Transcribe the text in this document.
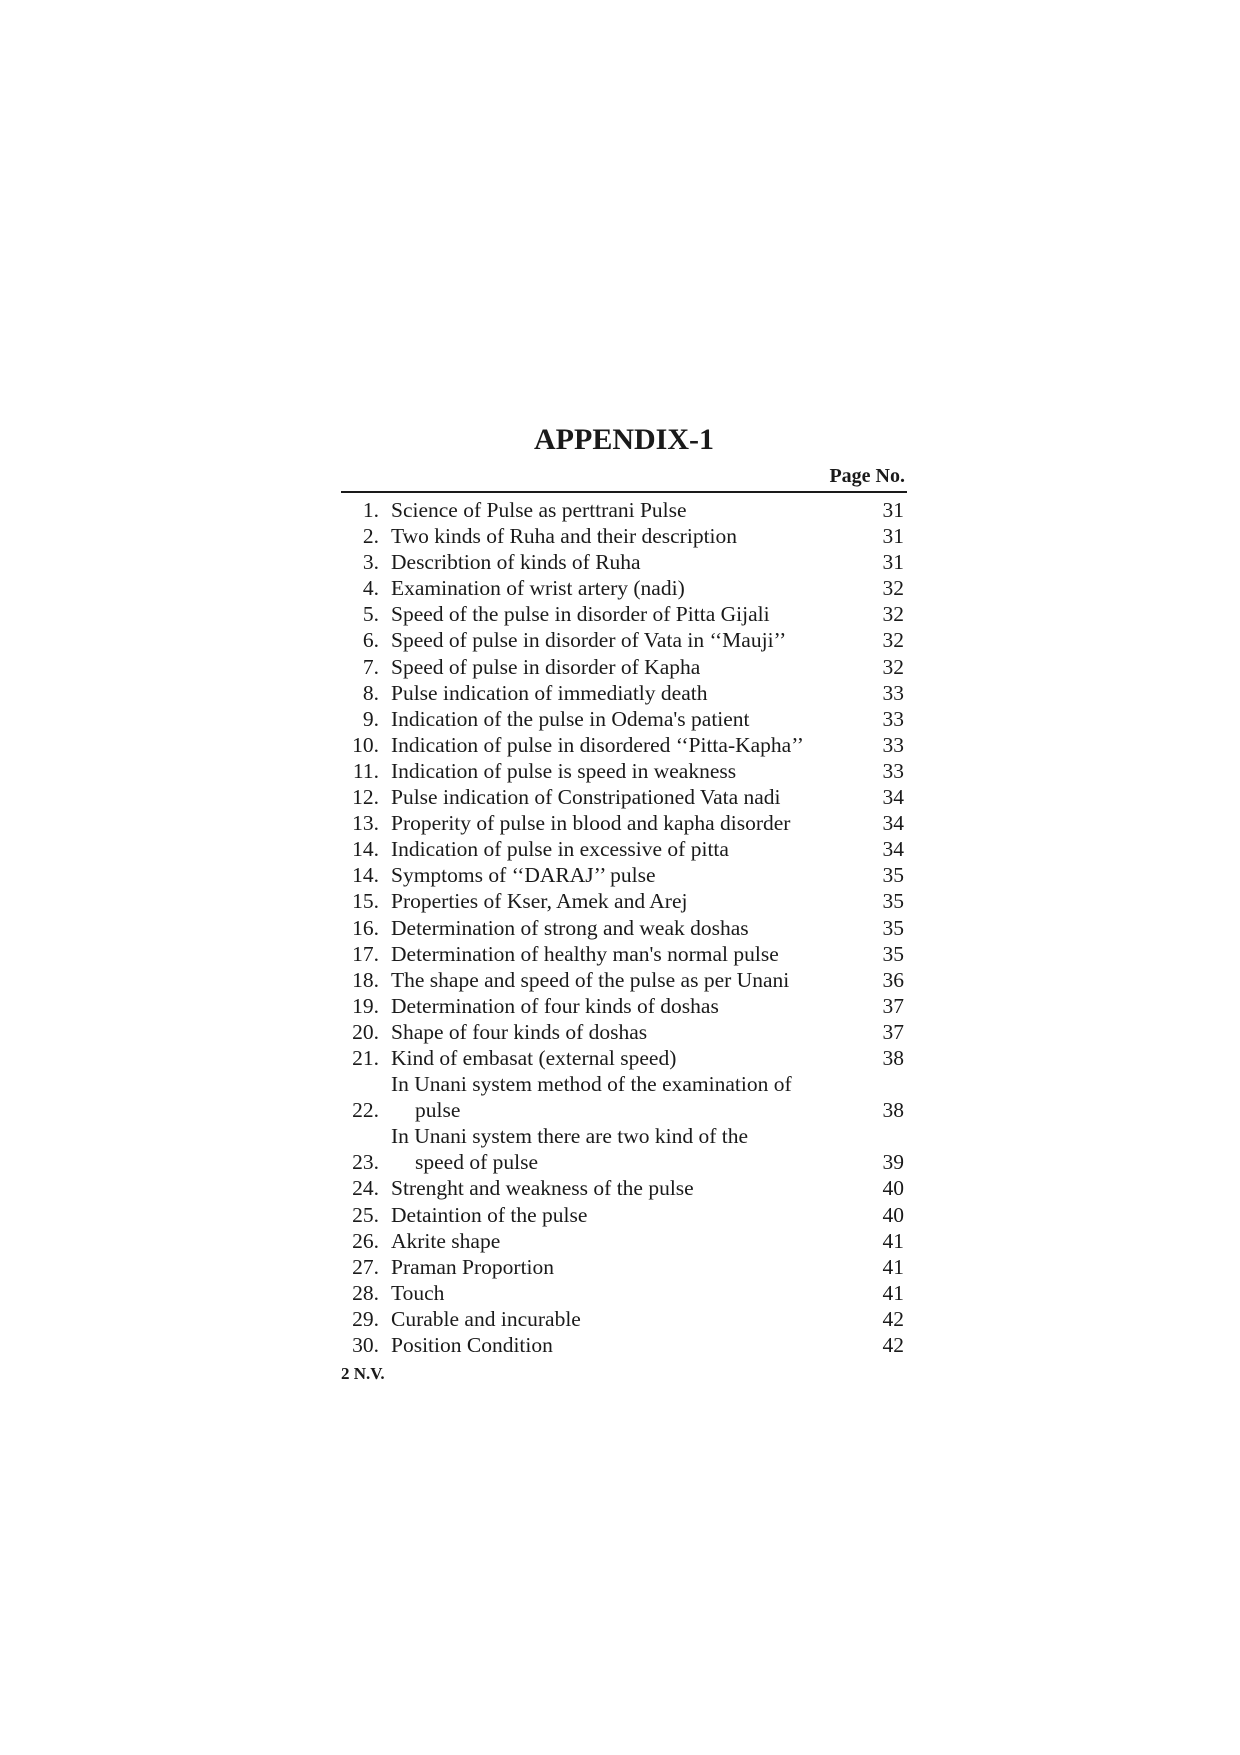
APPENDIX-1
Page No.
1. Science of Pulse as perttrani Pulse	31
2. Two kinds of Ruha and their description	31
3. Describtion of kinds of Ruha	31
4. Examination of wrist artery (nadi)	32
5. Speed of the pulse in disorder of Pitta Gijali	32
6. Speed of pulse in disorder of Vata in ‘‘Mauji’’	32
7. Speed of pulse in disorder of Kapha	32
8. Pulse indication of immediatly death	33
9. Indication of the pulse in Odema's patient	33
10. Indication of pulse in disordered ‘‘Pitta-Kapha’’	33
11. Indication of pulse is speed in weakness	33
12. Pulse indication of Constripationed Vata nadi	34
13. Properity of pulse in blood and kapha disorder	34
14. Indication of pulse in excessive of pitta	34
14. Symptoms of ‘‘DARAJ’’ pulse	35
15. Properties of Kser, Amek and Arej	35
16. Determination of strong and weak doshas	35
17. Determination of healthy man's normal pulse	35
18. The shape and speed of the pulse as per Unani	36
19. Determination of four kinds of doshas	37
20. Shape of four kinds of doshas	37
21. Kind of embasat (external speed)	38
22.
In Unani system method of the examination of
pulse	38
23.
In Unani system there are two kind of the
speed of pulse	39
24. Strenght and weakness of the pulse	40
25. Detaintion of the pulse	40
26. Akrite shape	41
27. Praman Proportion	41
28. Touch	41
29. Curable and incurable	42
30. Position Condition	42
2 N.V.
